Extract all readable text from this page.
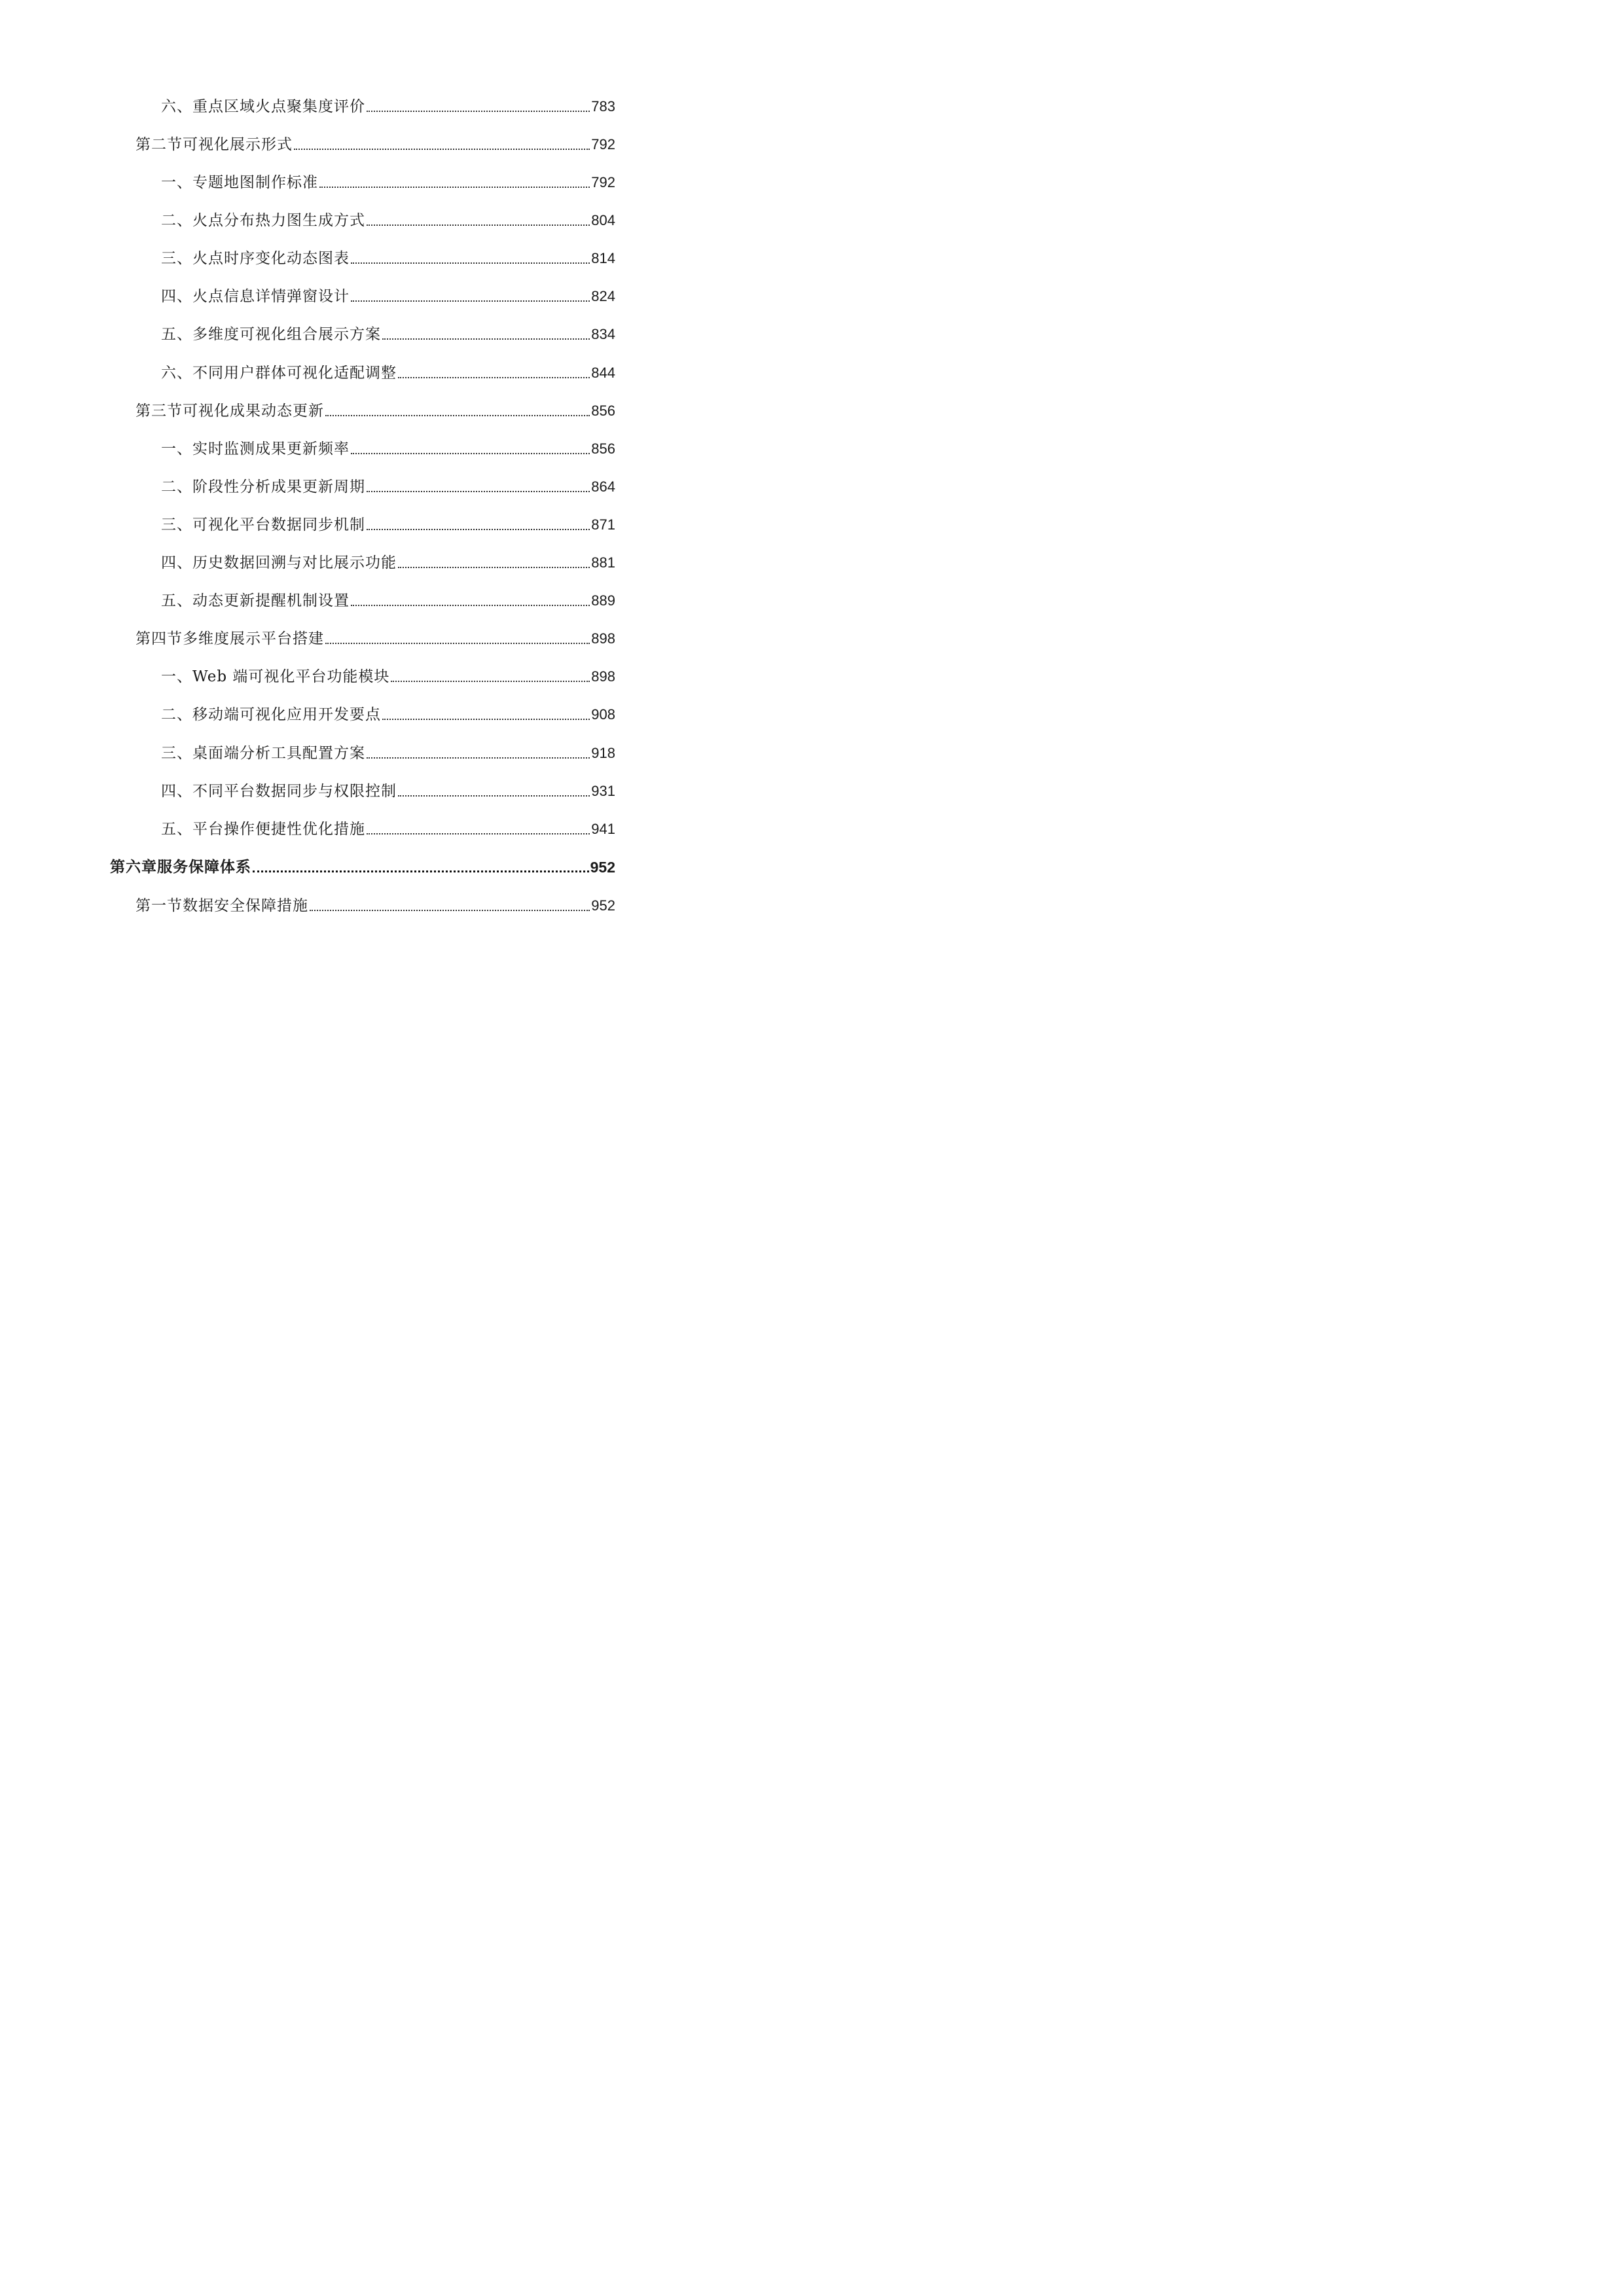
六、重点区域火点聚集度评价	783
第二节可视化展示形式	792
一、专题地图制作标准	792
二、火点分布热力图生成方式	804
三、火点时序变化动态图表	814
四、火点信息详情弹窗设计	824
五、多维度可视化组合展示方案	834
六、不同用户群体可视化适配调整	844
第三节可视化成果动态更新	856
一、实时监测成果更新频率	856
二、阶段性分析成果更新周期	864
三、可视化平台数据同步机制	871
四、历史数据回溯与对比展示功能	881
五、动态更新提醒机制设置	889
第四节多维度展示平台搭建	898
一、Web 端可视化平台功能模块	898
二、移动端可视化应用开发要点	908
三、桌面端分析工具配置方案	918
四、不同平台数据同步与权限控制	931
五、平台操作便捷性优化措施	941
第六章服务保障体系	952
第一节数据安全保障措施	952
